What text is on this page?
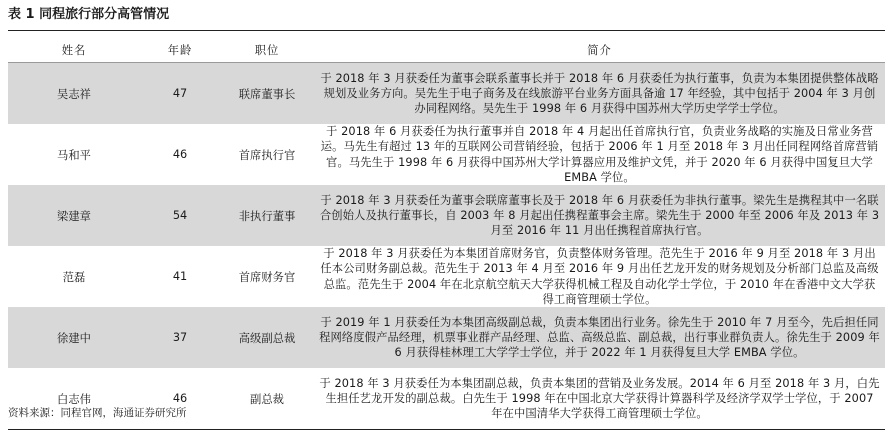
表 1 同程旅行部分高管情况
姓名	年龄	职位	简介
吴志祥	47	联席董事长	于 2018 年 3 月获委任为董事会联系董事长并于 2018 年 6 月获委任为执行董事，负责为本集团提供整体战略规划及业务方向。吴先生于电子商务及在线旅游平台业务方面具备逾 17 年经验，其中包括于 2004 年 3 月创办同程网络。吴先生于 1998 年 6 月获得中国苏州大学历史学学士学位。
马和平	46	首席执行官	于 2018 年 6 月获委任为执行董事并自 2018 年 4 月起出任首席执行官，负责业务战略的实施及日常业务营运。马先生有超过 13 年的互联网公司营销经验，包括于 2006 年 1 月至 2018 年 3 月出任同程网络首席营销官。马先生于 1998 年 6 月获得中国苏州大学计算器应用及维护文凭，并于 2020 年 6 月获得中国复旦大学 EMBA 学位。
梁建章	54	非执行董事	于 2018 年 3 月获委任为董事会联席董事长及于 2018 年 6 月获委任为非执行董事。梁先生是携程其中一名联合创始人及执行董事长，自 2003 年 8 月起出任携程董事会主席。梁先生于 2000 年至 2006 年及 2013 年 3 月至 2016 年 11 月出任携程首席执行官。
范磊	41	首席财务官	于 2018 年 3 月获委任为本集团首席财务官，负责整体财务管理。范先生于 2016 年 9 月至 2018 年 3 月出任本公司财务副总裁。范先生于 2013 年 4 月至 2016 年 9 月出任艺龙开发的财务规划及分析部门总监及高级总监。范先生于 2004 年在北京航空航天大学获得机械工程及自动化学士学位，于 2010 年在香港中文大学获得工商管理硕士学位。
徐建中	37	高级副总裁	于 2019 年 1 月获委任为本集团高级副总裁，负责本集团出行业务。徐先生于 2010 年 7 月至今，先后担任同程网络度假产品经理，机票事业群产品经理、总监、高级总监、副总裁，出行事业群负责人。徐先生于 2009 年 6 月获得桂林理工大学学士学位，并于 2022 年 1 月获得复旦大学 EMBA 学位。
白志伟	46	副总裁	于 2018 年 3 月获委任为本集团副总裁，负责本集团的营销及业务发展。2014 年 6 月至 2018 年 3 月，白先生担任艺龙开发的副总裁。白先生于 1998 年在中国北京大学获得计算器科学及经济学双学士学位，于 2007 年在中国清华大学获得工商管理硕士学位。
资料来源：同程官网，海通证券研究所
